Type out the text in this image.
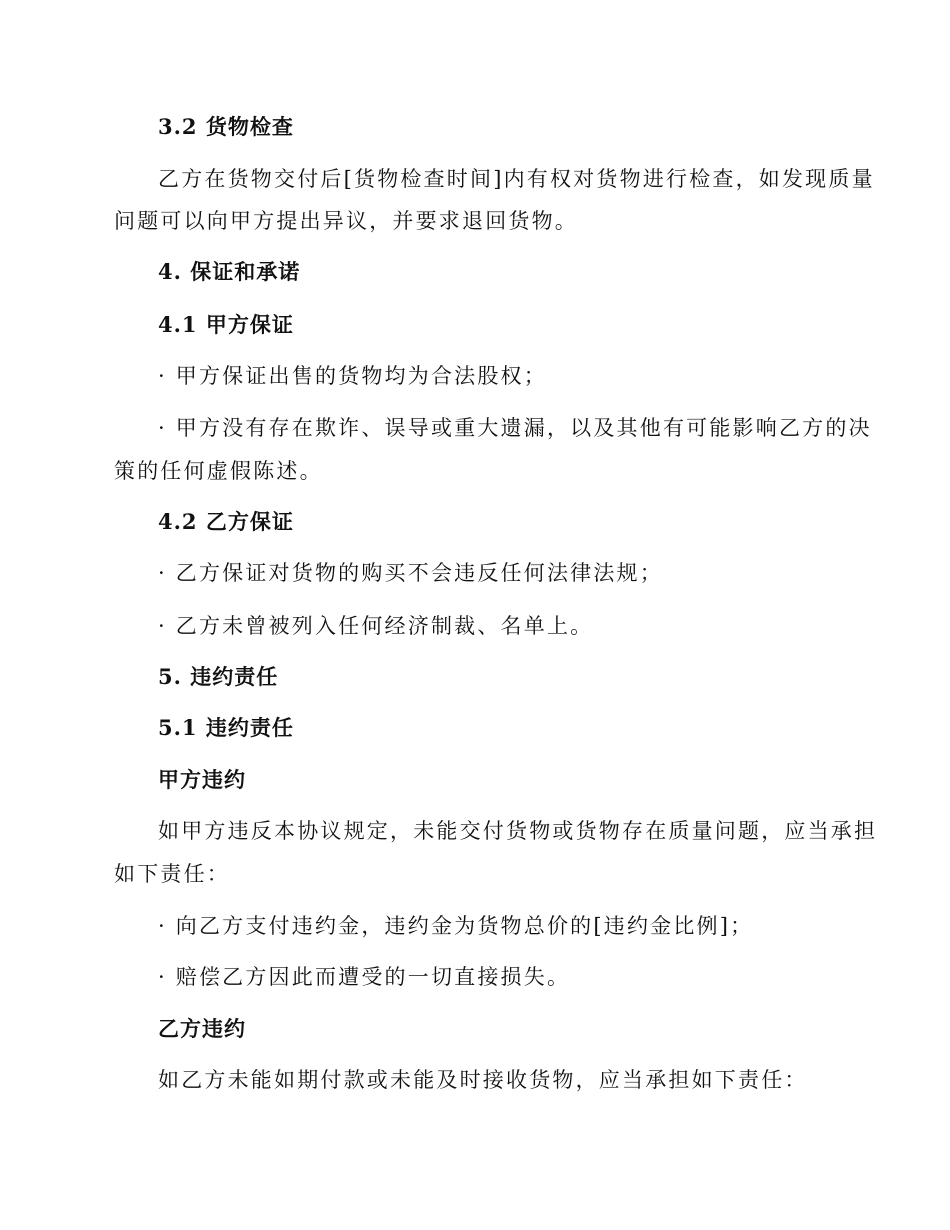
3.2 货物检查
乙方在货物交付后[货物检查时间]内有权对货物进行检查，如发现质量
问题可以向甲方提出异议，并要求退回货物。
4. 保证和承诺
4.1 甲方保证
· 甲方保证出售的货物均为合法股权；
· 甲方没有存在欺诈、误导或重大遗漏，以及其他有可能影响乙方的决
策的任何虚假陈述。
4.2 乙方保证
· 乙方保证对货物的购买不会违反任何法律法规；
· 乙方未曾被列入任何经济制裁、名单上。
5. 违约责任
5.1 违约责任
甲方违约
如甲方违反本协议规定，未能交付货物或货物存在质量问题，应当承担
如下责任：
· 向乙方支付违约金，违约金为货物总价的[违约金比例]；
· 赔偿乙方因此而遭受的一切直接损失。
乙方违约
如乙方未能如期付款或未能及时接收货物，应当承担如下责任：
